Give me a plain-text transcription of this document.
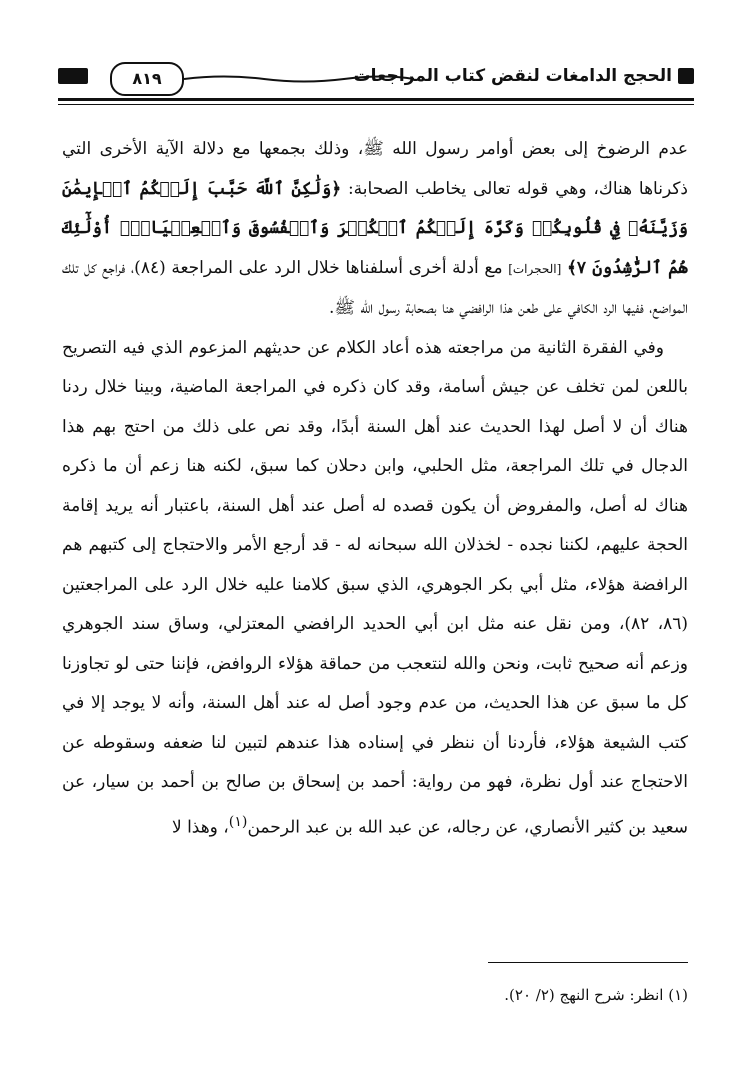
الحجج الدامغات لنقض كتاب المراجعات
٨١٩

عدم الرضوخ إلى بعض أوامر رسول الله ﷺ، وذلك بجمعها مع دلالة الآية الأخرى التي ذكرناها هناك، وهي قوله تعالى يخاطب الصحابة: ﴿وَلَٰكِنَّ ٱللَّهَ حَبَّبَ إِلَيۡكُمُ ٱلۡإِيمَٰنَ وَزَيَّنَهُۥ فِي قُلُوبِكُمۡ وَكَرَّهَ إِلَيۡكُمُ ٱلۡكُفۡرَ وَٱلۡفُسُوقَ وَٱلۡعِصۡيَانَۚ أُوْلَٰٓئِكَ هُمُ ٱلرَّٰشِدُونَ ٧﴾ [الحجرات] مع أدلة أخرى أسلفناها خلال الرد على المراجعة (٨٤)، فراجع كل تلك المواضع، ففيها الرد الكافي على طعن هذا الرافضي هنا بصحابة رسول الله ﷺ.

وفي الفقرة الثانية من مراجعته هذه أعاد الكلام عن حديثهم المزعوم الذي فيه التصريح باللعن لمن تخلف عن جيش أسامة، وقد كان ذكره في المراجعة الماضية، وبينا خلال ردنا هناك أن لا أصل لهذا الحديث عند أهل السنة أبدًا، وقد نص على ذلك من احتج بهم هذا الدجال في تلك المراجعة، مثل الحلبي، وابن دحلان كما سبق، لكنه هنا زعم أن ما ذكره هناك له أصل، والمفروض أن يكون قصده له أصل عند أهل السنة، باعتبار أنه يريد إقامة الحجة عليهم، لكننا نجده - لخذلان الله سبحانه له - قد أرجع الأمر والاحتجاج إلى كتبهم هم الرافضة هؤلاء، مثل أبي بكر الجوهري، الذي سبق كلامنا عليه خلال الرد على المراجعتين (٨٦، ٨٢)، ومن نقل عنه مثل ابن أبي الحديد الرافضي المعتزلي، وساق سند الجوهري وزعم أنه صحيح ثابت، ونحن والله لنتعجب من حماقة هؤلاء الروافض، فإننا حتى لو تجاوزنا كل ما سبق عن هذا الحديث، من عدم وجود أصل له عند أهل السنة، وأنه لا يوجد إلا في كتب الشيعة هؤلاء، فأردنا أن ننظر في إسناده هذا عندهم لتبين لنا ضعفه وسقوطه عن الاحتجاج عند أول نظرة، فهو من رواية: أحمد بن إسحاق بن صالح بن أحمد بن سيار، عن سعيد بن كثير الأنصاري، عن رجاله، عن عبد الله بن عبد الرحمن$^{(١)}$، وهذا لا

(١) انظر: شرح النهج (٢/ ٢٠).
